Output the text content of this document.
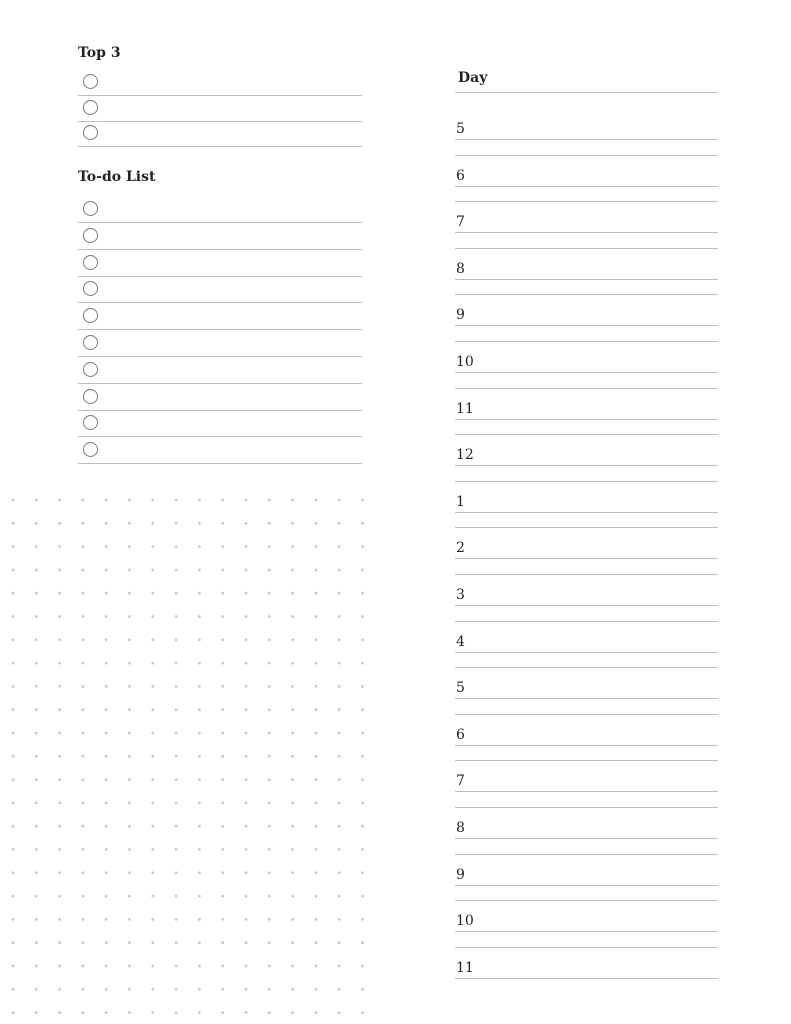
Top 3
To-do List
Day
5
6
7
8
9
10
11
12
1
2
3
4
5
6
7
8
9
10
11
